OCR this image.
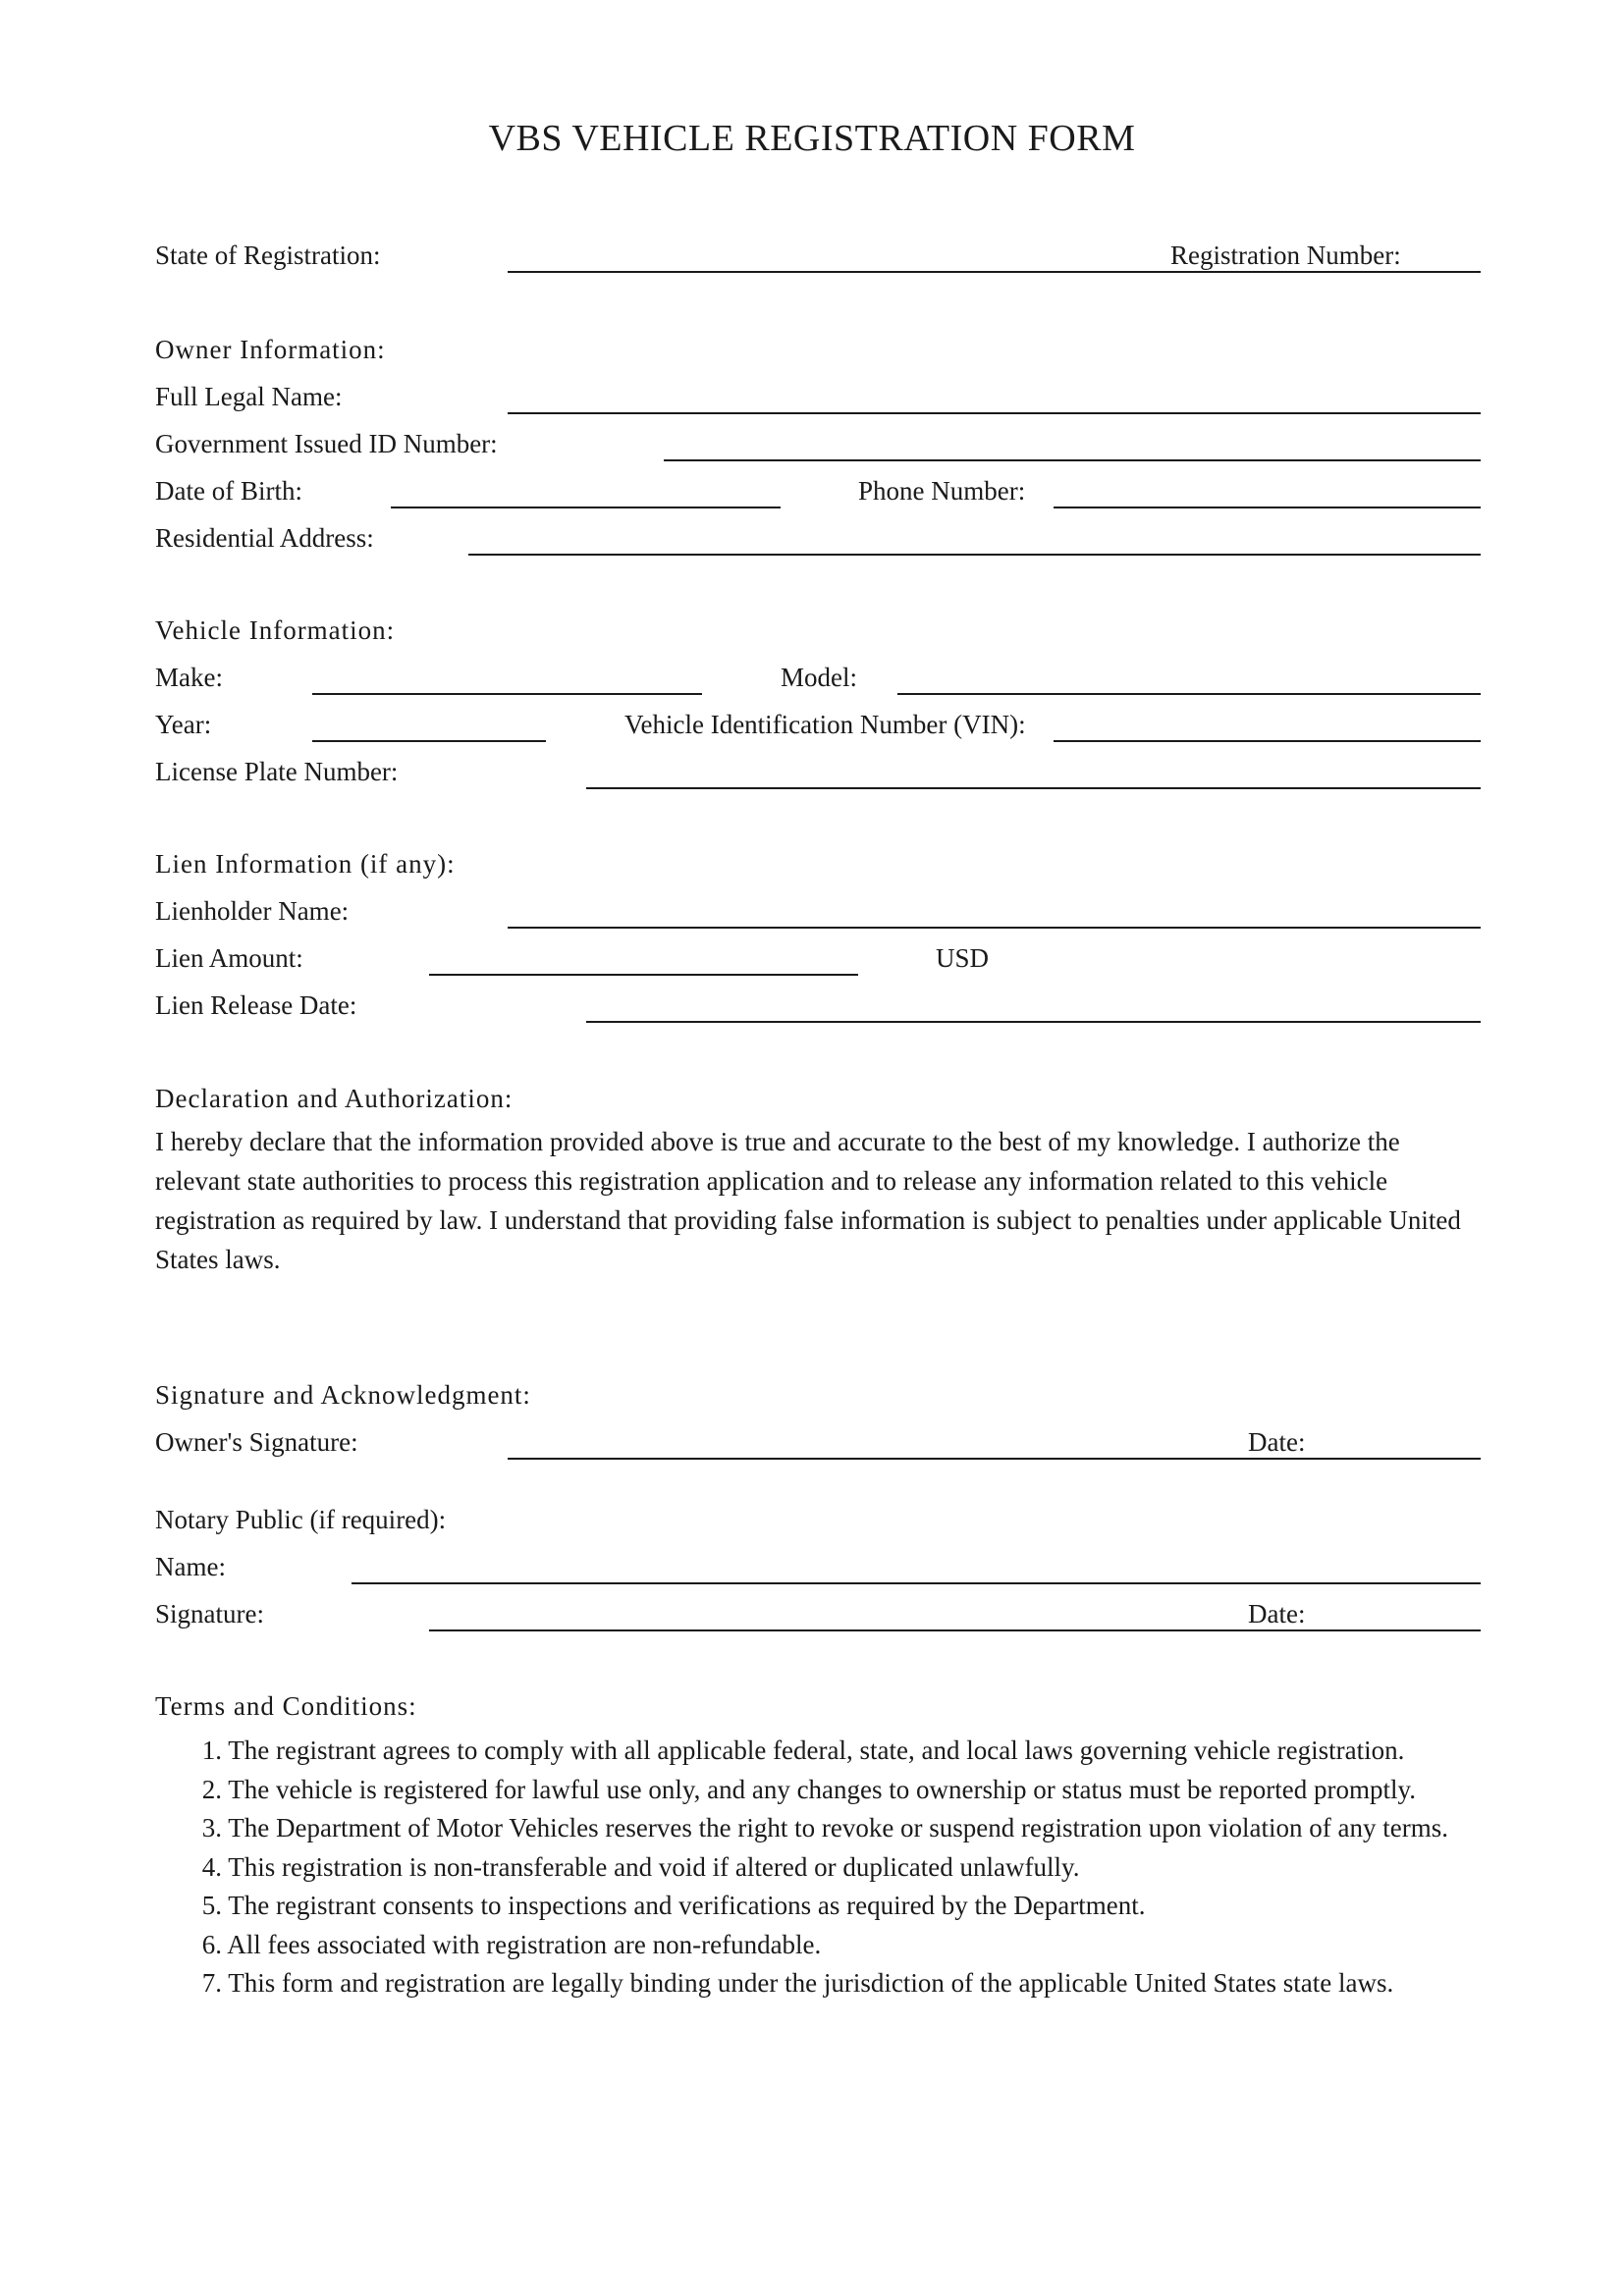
VBS VEHICLE REGISTRATION FORM
State of Registration:	Registration Number:
Owner Information:
Full Legal Name:
Government Issued ID Number:
Date of Birth:	Phone Number:
Residential Address:
Vehicle Information:
Make:	Model:
Year:	Vehicle Identification Number (VIN):
License Plate Number:
Lien Information (if any):
Lienholder Name:
Lien Amount:	USD
Lien Release Date:
Declaration and Authorization:

I hereby declare that the information provided above is true and accurate to the best of my knowledge. I authorize the relevant state authorities to process this registration application and to release any information related to this vehicle registration as required by law. I understand that providing false information is subject to penalties under applicable United States laws.

Signature and Acknowledgment:
Owner's Signature:	Date:
Notary Public (if required):
Name:
Signature:	Date:
Terms and Conditions:
1. The registrant agrees to comply with all applicable federal, state, and local laws governing vehicle registration.
2. The vehicle is registered for lawful use only, and any changes to ownership or status must be reported promptly.
3. The Department of Motor Vehicles reserves the right to revoke or suspend registration upon violation of any terms.
4. This registration is non-transferable and void if altered or duplicated unlawfully.
5. The registrant consents to inspections and verifications as required by the Department.
6. All fees associated with registration are non-refundable.
7. This form and registration are legally binding under the jurisdiction of the applicable United States state laws.
